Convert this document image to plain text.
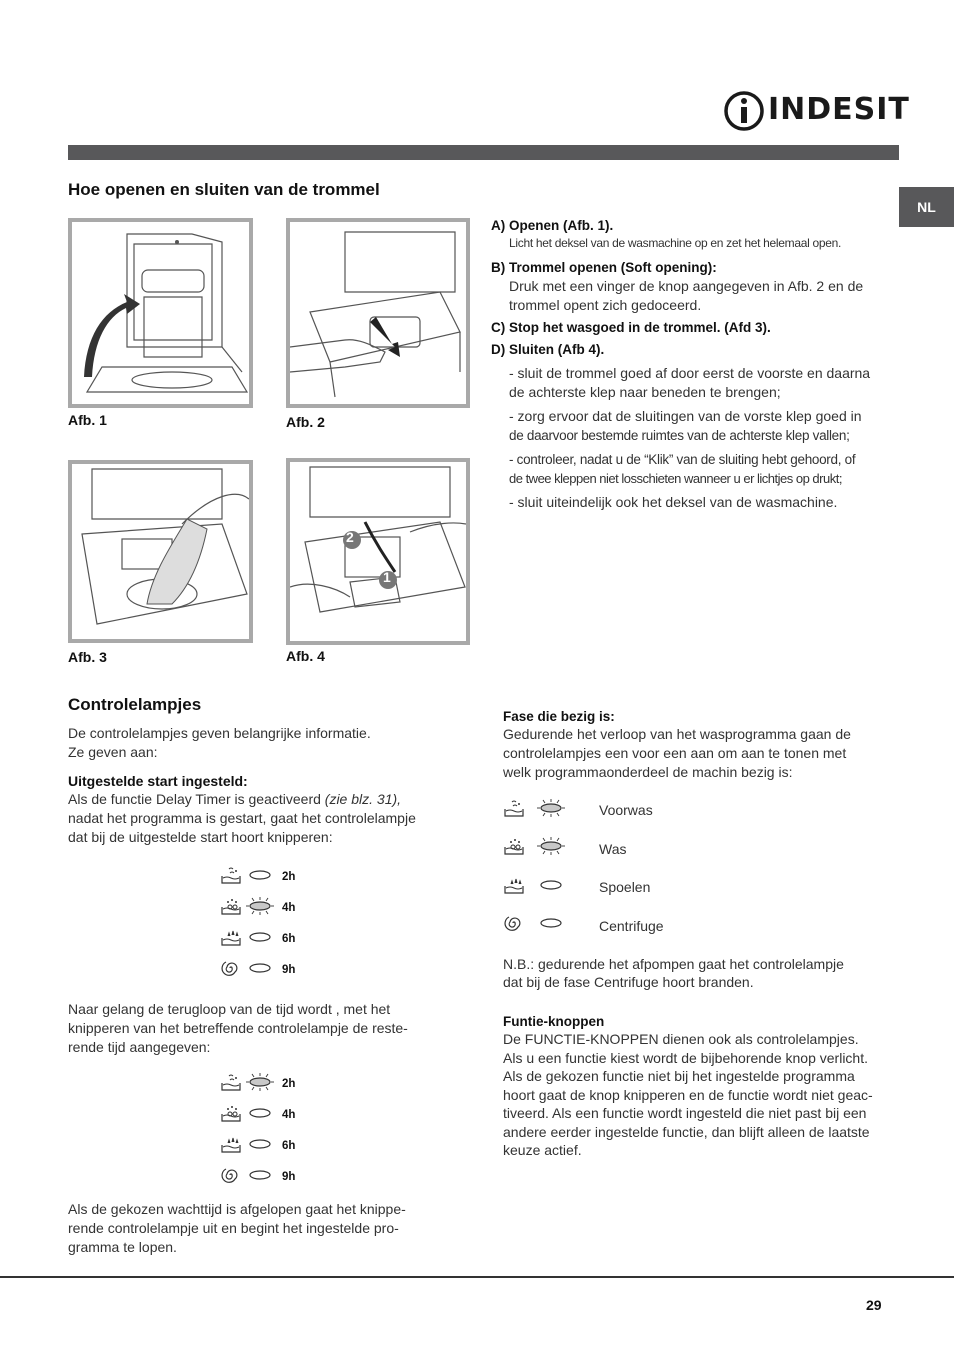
INDESIT
NL
Hoe openen en sluiten van de trommel
Afb. 1	Afb. 2
Afb. 3
2
1
Afb. 4
A) Openen (Afb. 1).
Licht het deksel van de wasmachine op en zet het helemaal open.
B) Trommel openen (Soft opening):
Druk met een vinger de knop aangegeven in Afb. 2 en de
trommel opent zich gedoceerd.
C) Stop het wasgoed in de trommel. (Afd 3).
D) Sluiten (Afb 4).
- sluit de trommel goed af door eerst de voorste en daarna
de achterste klep naar beneden te brengen;
- zorg ervoor dat de sluitingen van de vorste klep goed in
de daarvoor bestemde ruimtes van de achterste klep vallen;
- controleer, nadat u de “Klik” van de sluiting hebt gehoord, of
de twee kleppen niet losschieten wanneer u er lichtjes op drukt;
- sluit uiteindelijk ook het deksel van de wasmachine.
Controlelampjes
De controlelampjes geven belangrijke informatie.
Ze geven aan:
Uitgestelde start ingesteld:
Als de functie Delay Timer is geactiveerd (zie blz. 31),
nadat het programma is gestart, gaat het controlelampje
dat bij de uitgestelde start hoort knipperen:
2h
4h
6h
9h
Naar gelang de terugloop van de tijd wordt , met het
knipperen van het betreffende controlelampje de reste-
rende tijd aangegeven:
2h
4h
6h
9h
Als de gekozen wachttijd is afgelopen gaat het knippe-
rende controlelampje uit en begint het ingestelde pro-
gramma te lopen.
Fase die bezig is:
Gedurende het verloop van het wasprogramma gaan de
controlelampjes een voor een aan om aan te tonen met
welk programmaonderdeel de machin bezig is:
Voorwas
Was
Spoelen
Centrifuge
N.B.: gedurende het afpompen gaat het controlelampje
dat bij de fase Centrifuge hoort branden.
Funtie-knoppen
De FUNCTIE-KNOPPEN dienen ook als controlelampjes.
Als u een functie kiest wordt de bijbehorende knop verlicht.
Als de gekozen functie niet bij het ingestelde programma
hoort gaat de knop knipperen en de functie wordt niet geac-
tiveerd. Als een functie wordt ingesteld die niet past bij een
andere eerder ingestelde functie, dan blijft alleen de laatste
keuze actief.
29
